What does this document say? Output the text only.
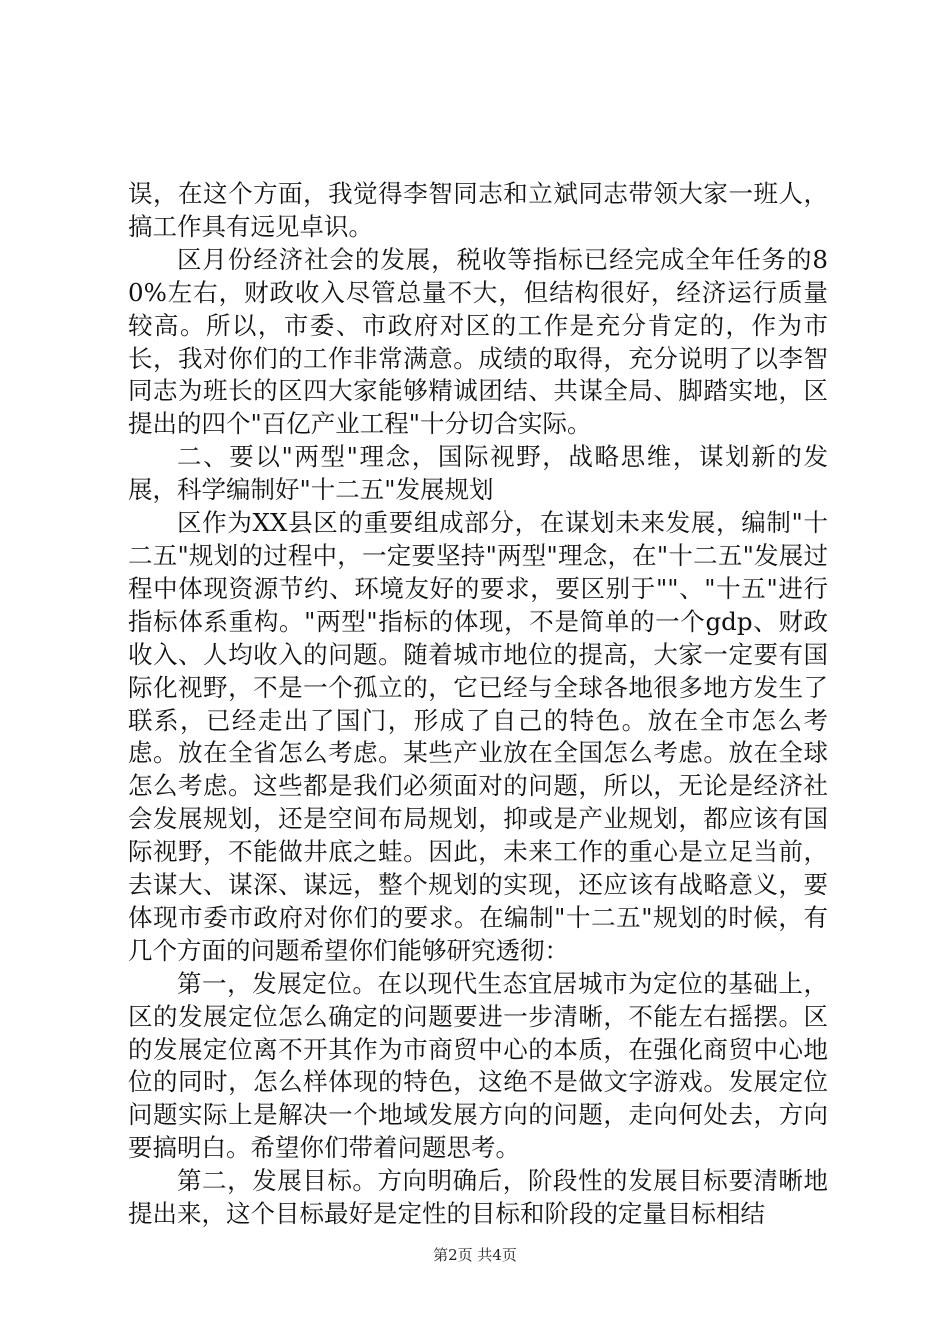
误，在这个方面，我觉得李智同志和立斌同志带领大家一班人，搞工作具有远见卓识。

区月份经济社会的发展，税收等指标已经完成全年任务的80%左右，财政收入尽管总量不大，但结构很好，经济运行质量较高。所以，市委、市政府对区的工作是充分肯定的，作为市长，我对你们的工作非常满意。成绩的取得，充分说明了以李智同志为班长的区四大家能够精诚团结、共谋全局、脚踏实地，区提出的四个"百亿产业工程"十分切合实际。

二、要以"两型"理念，国际视野，战略思维，谋划新的发展，科学编制好"十二五"发展规划

区作为XX县区的重要组成部分，在谋划未来发展，编制"十二五"规划的过程中，一定要坚持"两型"理念，在"十二五"发展过程中体现资源节约、环境友好的要求，要区别于""、"十五"进行指标体系重构。"两型"指标的体现，不是简单的一个gdp、财政收入、人均收入的问题。随着城市地位的提高，大家一定要有国际化视野，不是一个孤立的，它已经与全球各地很多地方发生了联系，已经走出了国门，形成了自己的特色。放在全市怎么考虑。放在全省怎么考虑。某些产业放在全国怎么考虑。放在全球怎么考虑。这些都是我们必须面对的问题，所以，无论是经济社会发展规划，还是空间布局规划，抑或是产业规划，都应该有国际视野，不能做井底之蛙。因此，未来工作的重心是立足当前，去谋大、谋深、谋远，整个规划的实现，还应该有战略意义，要体现市委市政府对你们的要求。在编制"十二五"规划的时候，有几个方面的问题希望你们能够研究透彻：

第一，发展定位。在以现代生态宜居城市为定位的基础上，区的发展定位怎么确定的问题要进一步清晰，不能左右摇摆。区的发展定位离不开其作为市商贸中心的本质，在强化商贸中心地位的同时，怎么样体现的特色，这绝不是做文字游戏。发展定位问题实际上是解决一个地域发展方向的问题，走向何处去，方向要搞明白。希望你们带着问题思考。

第二，发展目标。方向明确后，阶段性的发展目标要清晰地提出来，这个目标最好是定性的目标和阶段的定量目标相结

第2页 共4页
